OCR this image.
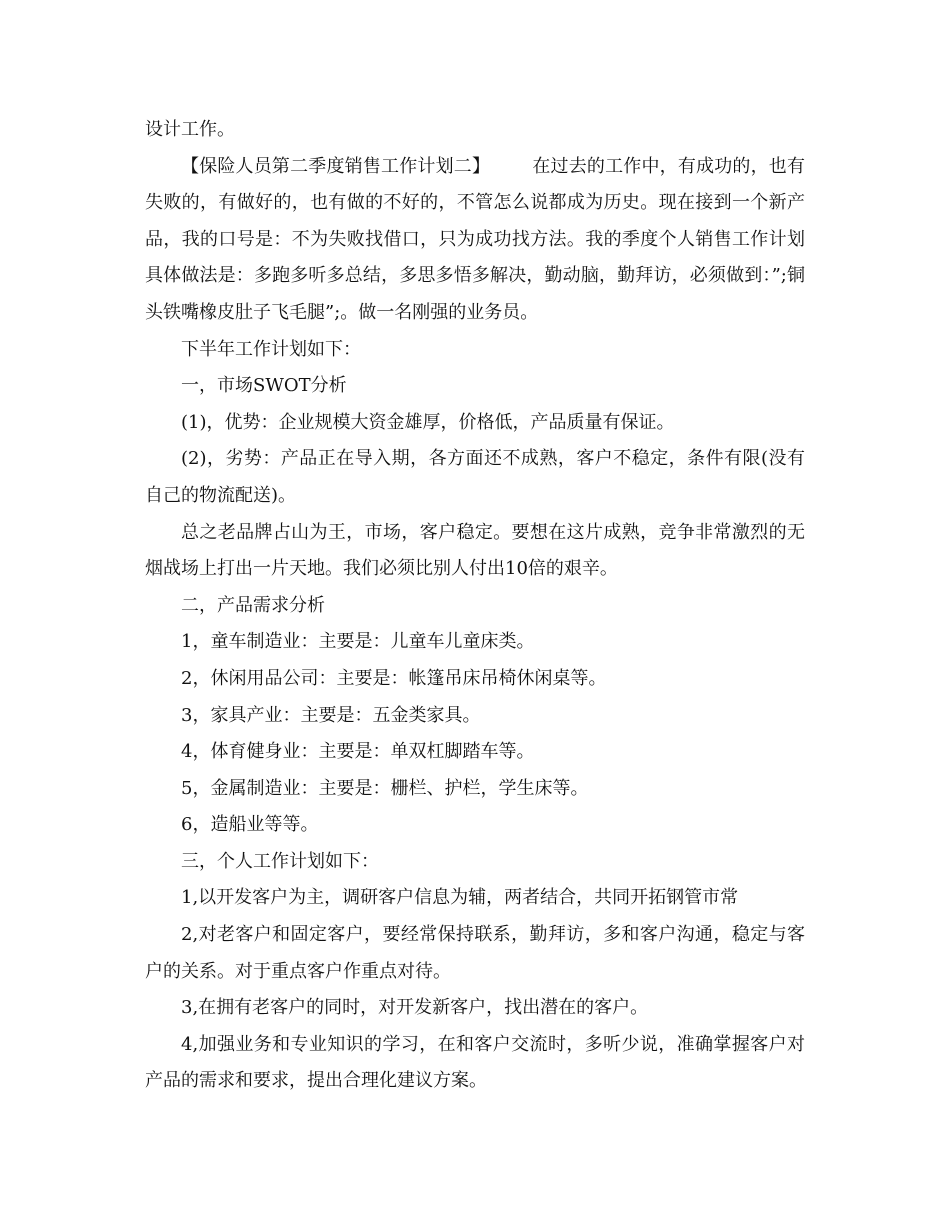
设计工作。

【保险人员第二季度销售工作计划二】 在过去的工作中，有成功的，也有失败的，有做好的，也有做的不好的，不管怎么说都成为历史。现在接到一个新产品，我的口号是：不为失败找借口，只为成功找方法。我的季度个人销售工作计划具体做法是：多跑多听多总结，多思多悟多解决，勤动脑，勤拜访，必须做到：”;铜头铁嘴橡皮肚子飞毛腿”;。做一名刚强的业务员。

下半年工作计划如下：

一，市场SWOT分析

(1)，优势：企业规模大资金雄厚，价格低，产品质量有保证。

(2)，劣势：产品正在导入期，各方面还不成熟，客户不稳定，条件有限(没有自己的物流配送)。

总之老品牌占山为王，市场，客户稳定。要想在这片成熟，竞争非常激烈的无烟战场上打出一片天地。我们必须比别人付出10倍的艰辛。

二，产品需求分析

1，童车制造业：主要是：儿童车儿童床类。

2，休闲用品公司：主要是：帐篷吊床吊椅休闲桌等。

3，家具产业：主要是：五金类家具。

4，体育健身业：主要是：单双杠脚踏车等。

5，金属制造业：主要是：栅栏、护栏，学生床等。

6，造船业等等。

三，个人工作计划如下：

1,以开发客户为主，调研客户信息为辅，两者结合，共同开拓钢管市常

2,对老客户和固定客户，要经常保持联系，勤拜访，多和客户沟通，稳定与客户的关系。对于重点客户作重点对待。

3,在拥有老客户的同时，对开发新客户，找出潜在的客户。

4,加强业务和专业知识的学习，在和客户交流时，多听少说，准确掌握客户对产品的需求和要求，提出合理化建议方案。
